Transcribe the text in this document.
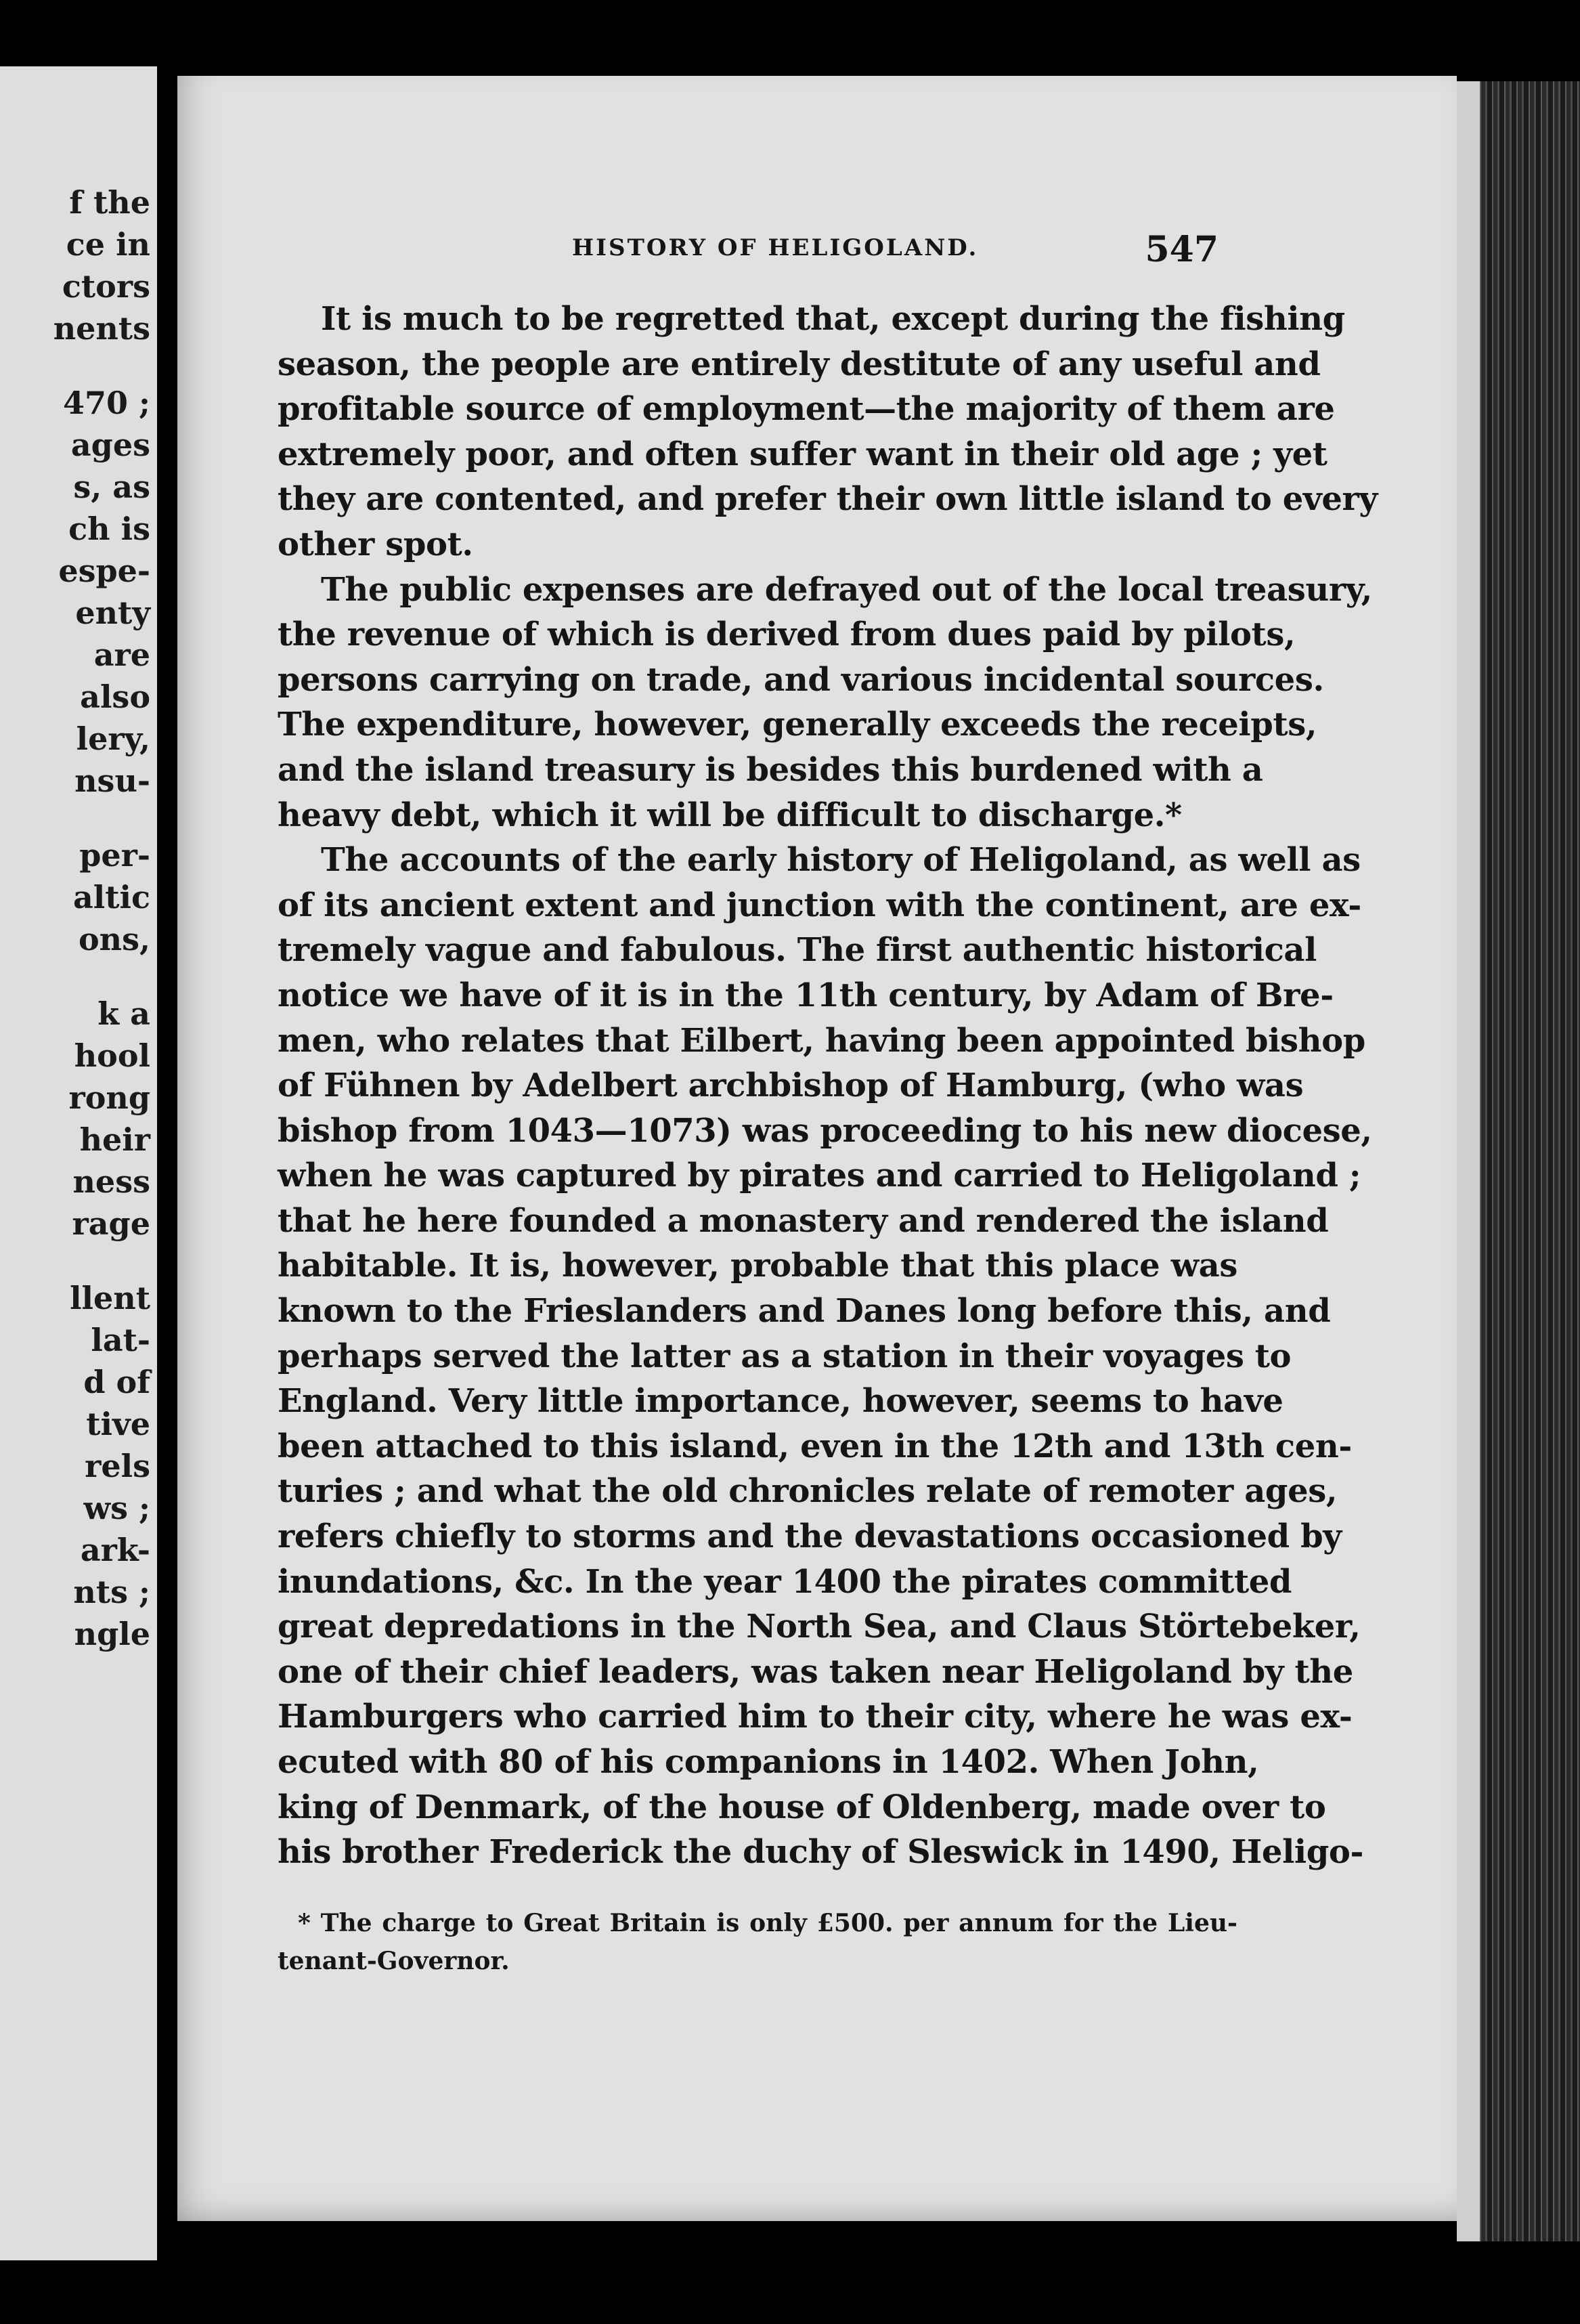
f the
ce in
ctors
nents
470 ;
ages
s, as
ch is
espe-
enty
are
also
lery,
nsu-
per-
altic
ons,
k a
hool
rong
heir
ness
rage
llent
lat-
d of
tive
rels
ws ;
ark-
nts ;
ngle
HISTORY OF HELIGOLAND.	547
It is much to be regretted that, except during the fishing
season, the people are entirely destitute of any useful and
profitable source of employment—the majority of them are
extremely poor, and often suffer want in their old age ; yet
they are contented, and prefer their own little island to every
other spot.
The public expenses are defrayed out of the local treasury,
the revenue of which is derived from dues paid by pilots,
persons carrying on trade, and various incidental sources.
The expenditure, however, generally exceeds the receipts,
and the island treasury is besides this burdened with a
heavy debt, which it will be difficult to discharge.*
The accounts of the early history of Heligoland, as well as
of its ancient extent and junction with the continent, are ex-
tremely vague and fabulous. The first authentic historical
notice we have of it is in the 11th century, by Adam of Bre-
men, who relates that Eilbert, having been appointed bishop
of Fühnen by Adelbert archbishop of Hamburg, (who was
bishop from 1043—1073) was proceeding to his new diocese,
when he was captured by pirates and carried to Heligoland ;
that he here founded a monastery and rendered the island
habitable. It is, however, probable that this place was
known to the Frieslanders and Danes long before this, and
perhaps served the latter as a station in their voyages to
England. Very little importance, however, seems to have
been attached to this island, even in the 12th and 13th cen-
turies ; and what the old chronicles relate of remoter ages,
refers chiefly to storms and the devastations occasioned by
inundations, &c. In the year 1400 the pirates committed
great depredations in the North Sea, and Claus Störtebeker,
one of their chief leaders, was taken near Heligoland by the
Hamburgers who carried him to their city, where he was ex-
ecuted with 80 of his companions in 1402. When John,
king of Denmark, of the house of Oldenberg, made over to
his brother Frederick the duchy of Sleswick in 1490, Heligo-
* The charge to Great Britain is only £500. per annum for the Lieu-
tenant-Governor.
